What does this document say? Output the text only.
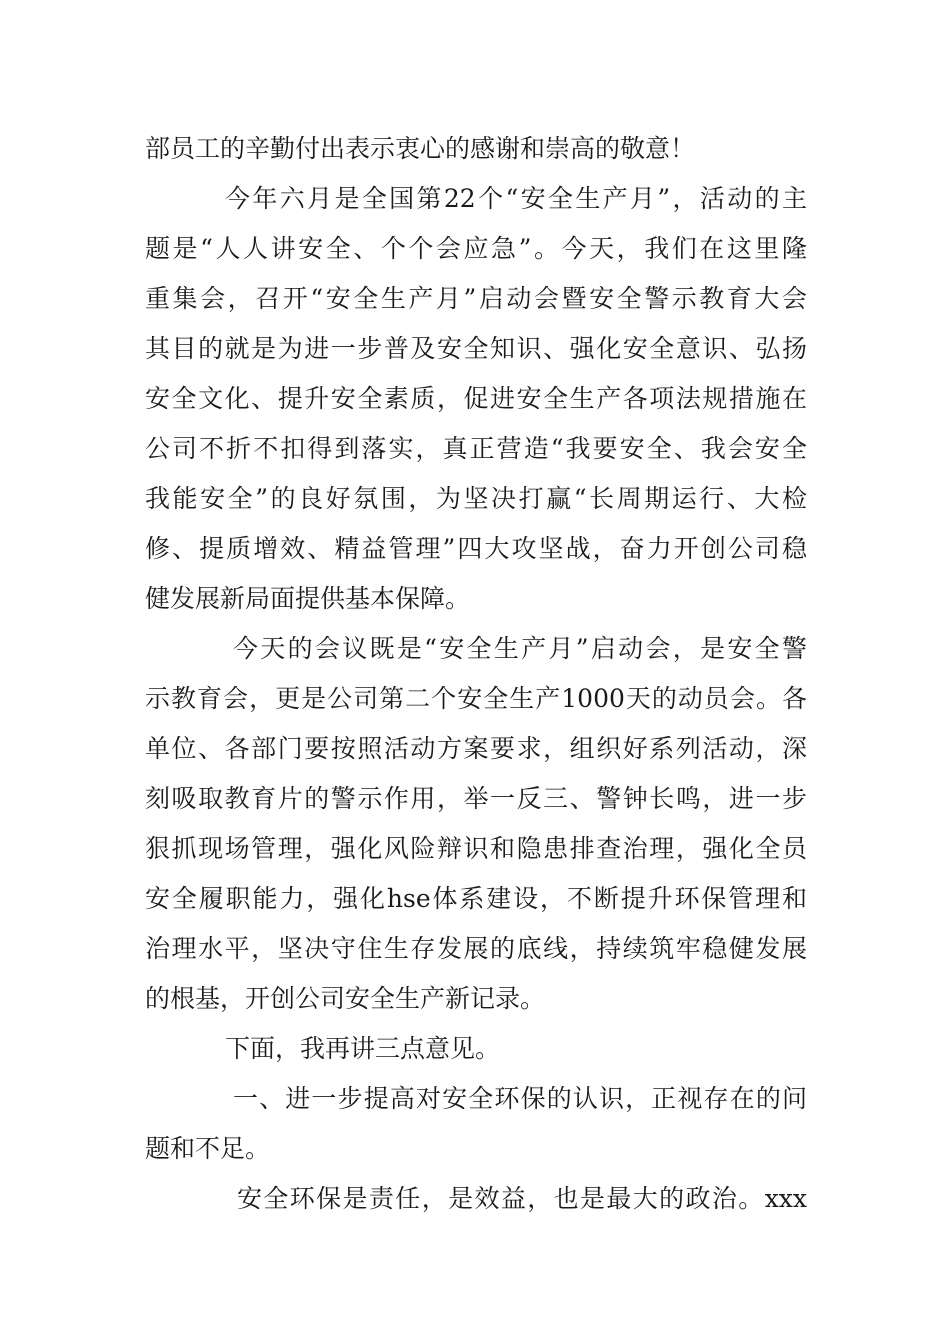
部员工的辛勤付出表示衷心的感谢和崇高的敬意！
今年六月是全国第22个“安全生产月”，活动的主
题是“人人讲安全、个个会应急”。今天，我们在这里隆
重集会，召开“安全生产月”启动会暨安全警示教育大会
其目的就是为进一步普及安全知识、强化安全意识、弘扬
安全文化、提升安全素质，促进安全生产各项法规措施在
公司不折不扣得到落实，真正营造“我要安全、我会安全
我能安全”的良好氛围，为坚决打赢“长周期运行、大检
修、提质增效、精益管理”四大攻坚战，奋力开创公司稳
健发展新局面提供基本保障。
今天的会议既是“安全生产月”启动会，是安全警
示教育会，更是公司第二个安全生产1000天的动员会。各
单位、各部门要按照活动方案要求，组织好系列活动，深
刻吸取教育片的警示作用，举一反三、警钟长鸣，进一步
狠抓现场管理，强化风险辩识和隐患排查治理，强化全员
安全履职能力，强化hse体系建设，不断提升环保管理和
治理水平，坚决守住生存发展的底线，持续筑牢稳健发展
的根基，开创公司安全生产新记录。
下面，我再讲三点意见。
一、进一步提高对安全环保的认识，正视存在的问
题和不足。
安全环保是责任，是效益，也是最大的政治。xxx
